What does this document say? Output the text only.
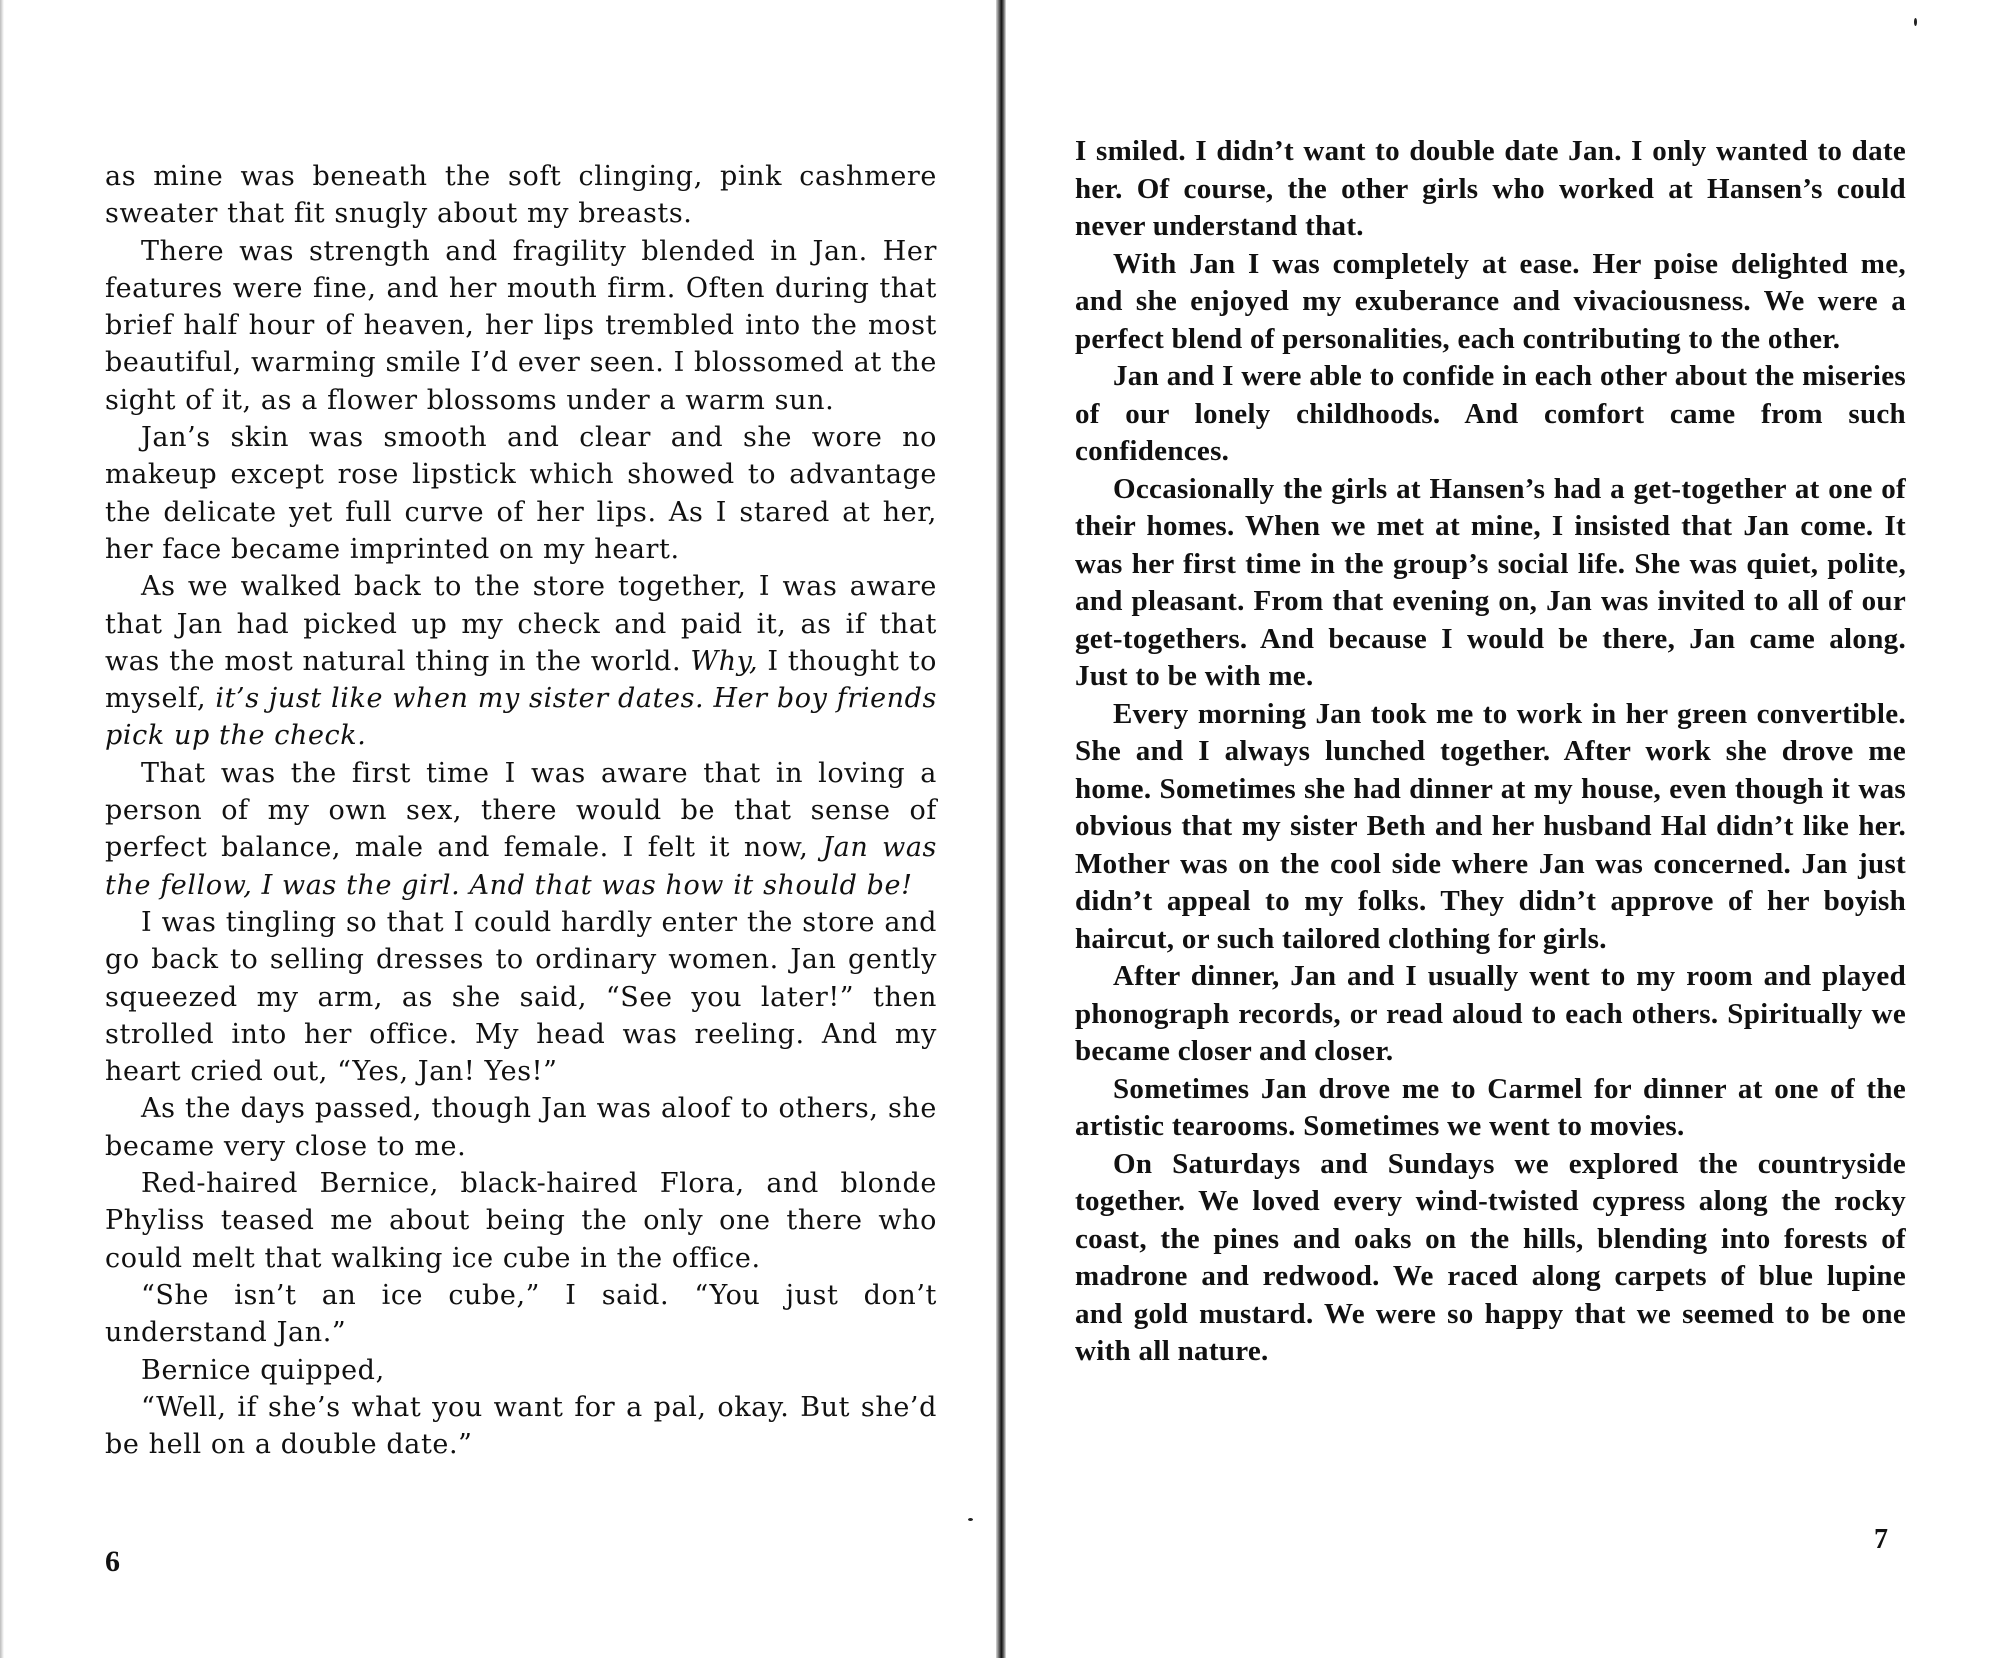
as mine was beneath the soft clinging, pink cashmere sweater that fit snugly about my breasts.

There was strength and fragility blended in Jan. Her features were fine, and her mouth firm. Often during that brief half hour of heaven, her lips trembled into the most beautiful, warming smile I’d ever seen. I blossomed at the sight of it, as a flower blossoms under a warm sun.

Jan’s skin was smooth and clear and she wore no makeup except rose lipstick which showed to advantage the delicate yet full curve of her lips. As I stared at her, her face became imprinted on my heart.

As we walked back to the store together, I was aware that Jan had picked up my check and paid it, as if that was the most natural thing in the world. Why, I thought to myself, it’s just like when my sister dates. Her boy friends pick up the check.

That was the first time I was aware that in loving a person of my own sex, there would be that sense of perfect balance, male and female. I felt it now, Jan was the fellow, I was the girl. And that was how it should be!

I was tingling so that I could hardly enter the store and go back to selling dresses to ordinary women. Jan gently squeezed my arm, as she said, “See you later!” then strolled into her office. My head was reeling. And my heart cried out, “Yes, Jan! Yes!”

As the days passed, though Jan was aloof to others, she became very close to me.

Red-haired Bernice, black-haired Flora, and blonde Phyliss teased me about being the only one there who could melt that walking ice cube in the office.

“She isn’t an ice cube,” I said. “You just don’t understand Jan.”

Bernice quipped,

“Well, if she’s what you want for a pal, okay. But she’d be hell on a double date.”

6

I smiled. I didn’t want to double date Jan. I only wanted to date her. Of course, the other girls who worked at Hansen’s could never understand that.

With Jan I was completely at ease. Her poise delighted me, and she enjoyed my exuberance and vivaciousness. We were a perfect blend of personalities, each contributing to the other.

Jan and I were able to confide in each other about the miseries of our lonely childhoods. And comfort came from such confidences.

Occasionally the girls at Hansen’s had a get-together at one of their homes. When we met at mine, I insisted that Jan come. It was her first time in the group’s social life. She was quiet, polite, and pleasant. From that evening on, Jan was invited to all of our get-togethers. And because I would be there, Jan came along. Just to be with me.

Every morning Jan took me to work in her green convertible. She and I always lunched together. After work she drove me home. Sometimes she had dinner at my house, even though it was obvious that my sister Beth and her husband Hal didn’t like her. Mother was on the cool side where Jan was concerned. Jan just didn’t appeal to my folks. They didn’t approve of her boyish haircut, or such tailored clothing for girls.

After dinner, Jan and I usually went to my room and played phonograph records, or read aloud to each others. Spiritually we became closer and closer.

Sometimes Jan drove me to Carmel for dinner at one of the artistic tearooms. Sometimes we went to movies.

On Saturdays and Sundays we explored the countryside together. We loved every wind-twisted cypress along the rocky coast, the pines and oaks on the hills, blending into forests of madrone and redwood. We raced along carpets of blue lupine and gold mustard. We were so happy that we seemed to be one with all nature.

7
